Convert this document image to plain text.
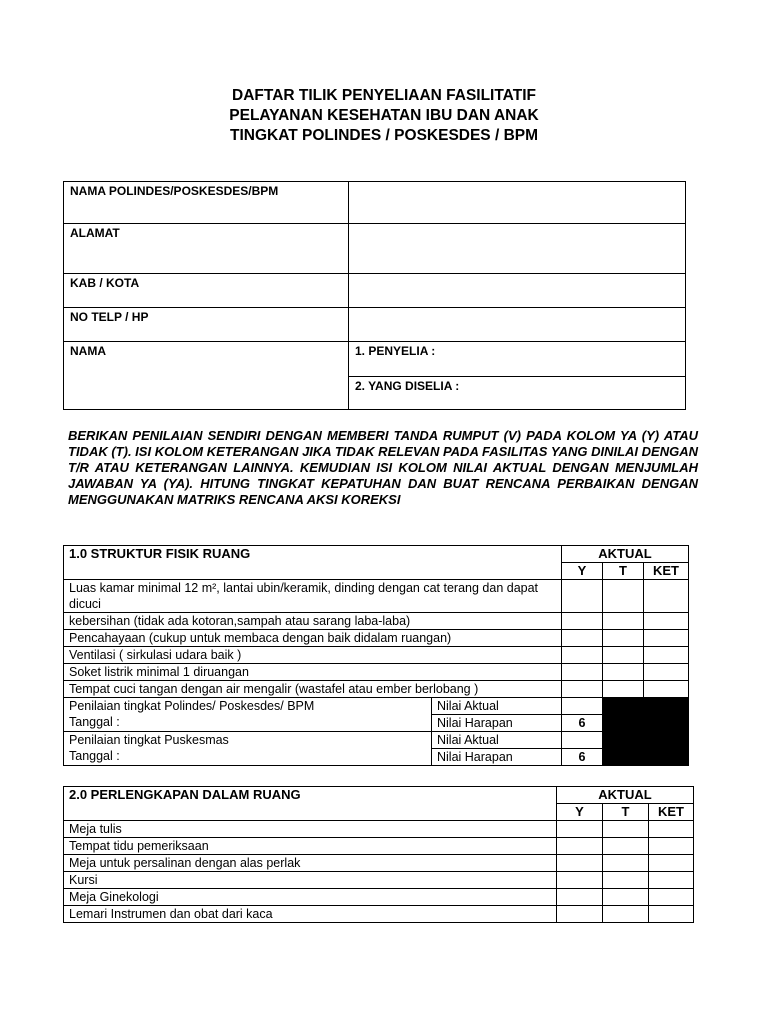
DAFTAR TILIK PENYELIAAN FASILITATIF
PELAYANAN KESEHATAN IBU DAN ANAK
TINGKAT POLINDES / POSKESDES / BPM
NAMA POLINDES/POSKESDES/BPM	
ALAMAT	
KAB / KOTA	
NO TELP / HP	
NAMA	1. PENYELIA :
	2. YANG DISELIA :
BERIKAN PENILAIAN SENDIRI DENGAN MEMBERI TANDA RUMPUT (V) PADA KOLOM YA (Y) ATAU TIDAK (T). ISI KOLOM KETERANGAN JIKA TIDAK RELEVAN PADA FASILITAS YANG DINILAI DENGAN T/R ATAU KETERANGAN LAINNYA. KEMUDIAN ISI KOLOM NILAI AKTUAL DENGAN MENJUMLAH JAWABAN YA (YA). HITUNG TINGKAT KEPATUHAN DAN BUAT RENCANA PERBAIKAN DENGAN MENGGUNAKAN MATRIKS RENCANA AKSI KOREKSI
1.0 STRUKTUR FISIK RUANG		AKTUAL		
		Y	T	KET
Luas kamar minimal 12 m², lantai ubin/keramik, dinding dengan cat terang dan dapat dicuci				
kebersihan (tidak ada kotoran,sampah atau sarang laba-laba)				
Pencahayaan (cukup untuk membaca dengan baik didalam ruangan)				
Ventilasi ( sirkulasi udara baik )				
Soket listrik minimal 1 diruangan				
Tempat cuci tangan dengan air mengalir (wastafel atau ember berlobang )				

Penilaian tingkat Polindes/ Poskesdes/ BPM
Tanggal :	Nilai Aktual			
	Nilai Harapan	6		

Penilaian tingkat Puskesmas
Tanggal :	Nilai Aktual			
	Nilai Harapan	6		
2.0 PERLENGKAPAN DALAM RUANG	AKTUAL		
	Y	T	KET
Meja tulis			
Tempat tidu pemeriksaan			
Meja untuk persalinan dengan alas perlak			
Kursi			
Meja Ginekologi			
Lemari Instrumen dan obat dari kaca			
